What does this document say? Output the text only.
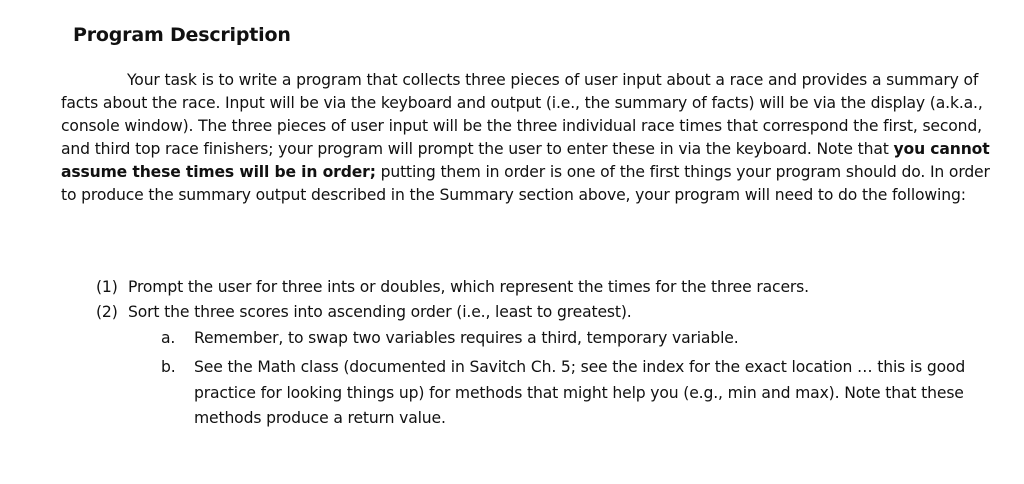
Program Description

Your task is to write a program that collects three pieces of user input about a race and provides a summary of facts about the race. Input will be via the keyboard and output (i.e., the summary of facts) will be via the display (a.k.a., console window). The three pieces of user input will be the three individual race times that correspond the first, second, and third top race finishers; your program will prompt the user to enter these in via the keyboard. Note that you cannot assume these times will be in order; putting them in order is one of the first things your program should do. In order to produce the summary output described in the Summary section above, your program will need to do the following:

(1) Prompt the user for three ints or doubles, which represent the times for the three racers.
(2) Sort the three scores into ascending order (i.e., least to greatest).
a. Remember, to swap two variables requires a third, temporary variable.
b. See the Math class (documented in Savitch Ch. 5; see the index for the exact location … this is good practice for looking things up) for methods that might help you (e.g., min and max). Note that these methods produce a return value.
